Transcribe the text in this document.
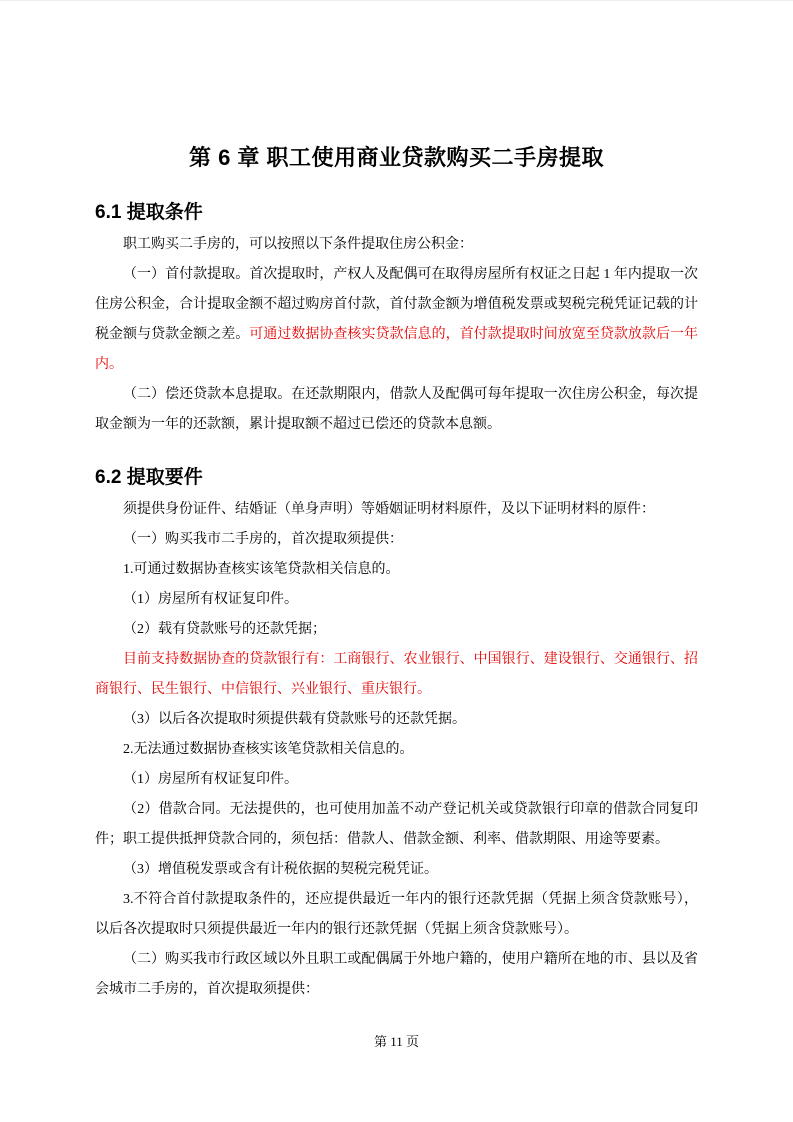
第 6 章 职工使用商业贷款购买二手房提取
6.1 提取条件

职工购买二手房的，可以按照以下条件提取住房公积金：

（一）首付款提取。首次提取时，产权人及配偶可在取得房屋所有权证之日起 1 年内提取一次住房公积金，合计提取金额不超过购房首付款，首付款金额为增值税发票或契税完税凭证记载的计税金额与贷款金额之差。可通过数据协查核实贷款信息的，首付款提取时间放宽至贷款放款后一年内。

（二）偿还贷款本息提取。在还款期限内，借款人及配偶可每年提取一次住房公积金，每次提取金额为一年的还款额，累计提取额不超过已偿还的贷款本息额。

6.2 提取要件

须提供身份证件、结婚证（单身声明）等婚姻证明材料原件，及以下证明材料的原件：

（一）购买我市二手房的，首次提取须提供：

1.可通过数据协查核实该笔贷款相关信息的。

（1）房屋所有权证复印件。

（2）载有贷款账号的还款凭据；

目前支持数据协查的贷款银行有：工商银行、农业银行、中国银行、建设银行、交通银行、招商银行、民生银行、中信银行、兴业银行、重庆银行。

（3）以后各次提取时须提供载有贷款账号的还款凭据。

2.无法通过数据协查核实该笔贷款相关信息的。

（1）房屋所有权证复印件。

（2）借款合同。无法提供的，也可使用加盖不动产登记机关或贷款银行印章的借款合同复印件；职工提供抵押贷款合同的，须包括：借款人、借款金额、利率、借款期限、用途等要素。

（3）增值税发票或含有计税依据的契税完税凭证。

3.不符合首付款提取条件的，还应提供最近一年内的银行还款凭据（凭据上须含贷款账号），以后各次提取时只须提供最近一年内的银行还款凭据（凭据上须含贷款账号）。

（二）购买我市行政区域以外且职工或配偶属于外地户籍的，使用户籍所在地的市、县以及省会城市二手房的，首次提取须提供：

第 11 页
